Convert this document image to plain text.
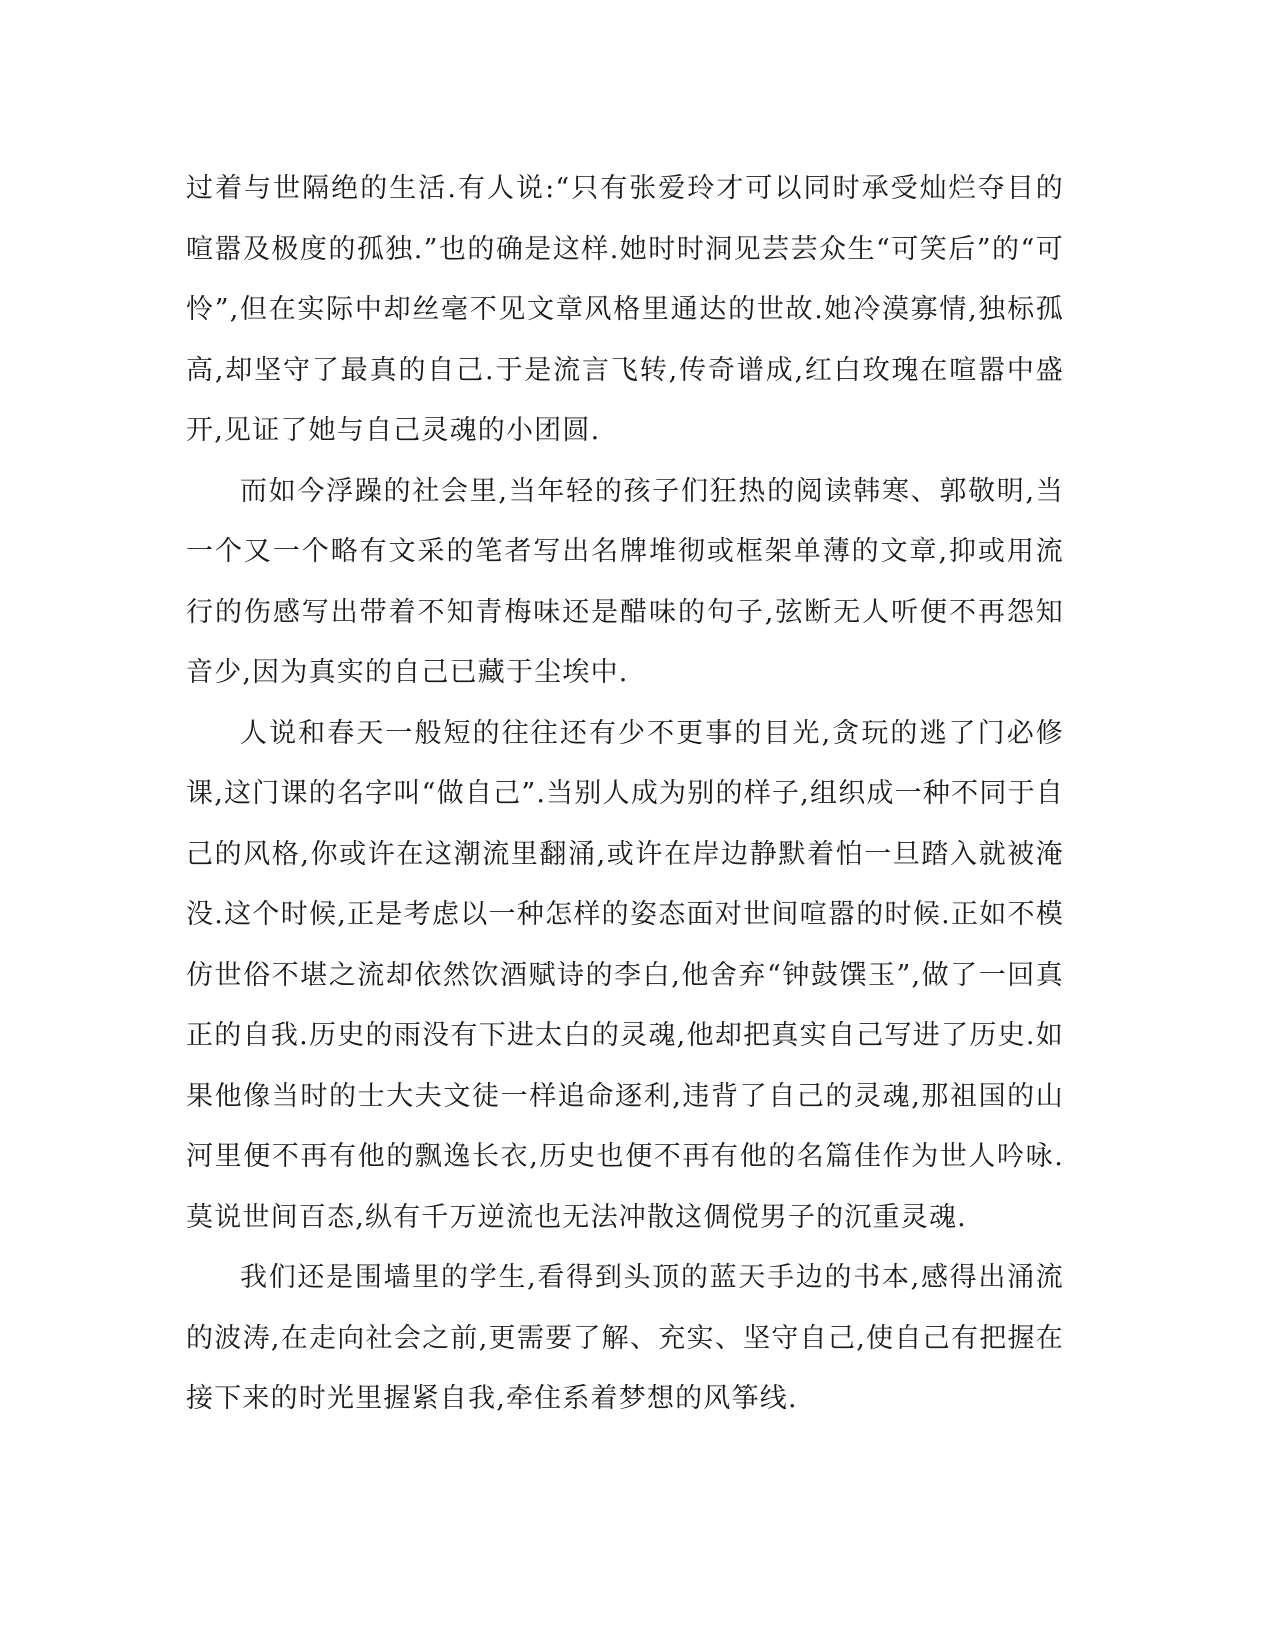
过着与世隔绝的生活.有人说:“只有张爱玲才可以同时承受灿烂夺目的喧嚣及极度的孤独.”也的确是这样.她时时洞见芸芸众生“可笑后”的“可怜”,但在实际中却丝毫不见文章风格里通达的世故.她冷漠寡情,独标孤高,却坚守了最真的自己.于是流言飞转,传奇谱成,红白玫瑰在喧嚣中盛开,见证了她与自己灵魂的小团圆.

而如今浮躁的社会里,当年轻的孩子们狂热的阅读韩寒、郭敬明,当一个又一个略有文采的笔者写出名牌堆彻或框架单薄的文章,抑或用流行的伤感写出带着不知青梅味还是醋味的句子,弦断无人听便不再怨知音少,因为真实的自己已藏于尘埃中.

人说和春天一般短的往往还有少不更事的目光,贪玩的逃了门必修课,这门课的名字叫“做自己”.当别人成为别的样子,组织成一种不同于自己的风格,你或许在这潮流里翻涌,或许在岸边静默着怕一旦踏入就被淹没.这个时候,正是考虑以一种怎样的姿态面对世间喧嚣的时候.正如不模仿世俗不堪之流却依然饮酒赋诗的李白,他舍弃“钟鼓馔玉”,做了一回真正的自我.历史的雨没有下进太白的灵魂,他却把真实自己写进了历史.如果他像当时的士大夫文徒一样追命逐利,违背了自己的灵魂,那祖国的山河里便不再有他的飘逸长衣,历史也便不再有他的名篇佳作为世人吟咏.莫说世间百态,纵有千万逆流也无法冲散这倜傥男子的沉重灵魂.

我们还是围墙里的学生,看得到头顶的蓝天手边的书本,感得出涌流的波涛,在走向社会之前,更需要了解、充实、坚守自己,使自己有把握在接下来的时光里握紧自我,牵住系着梦想的风筝线.
